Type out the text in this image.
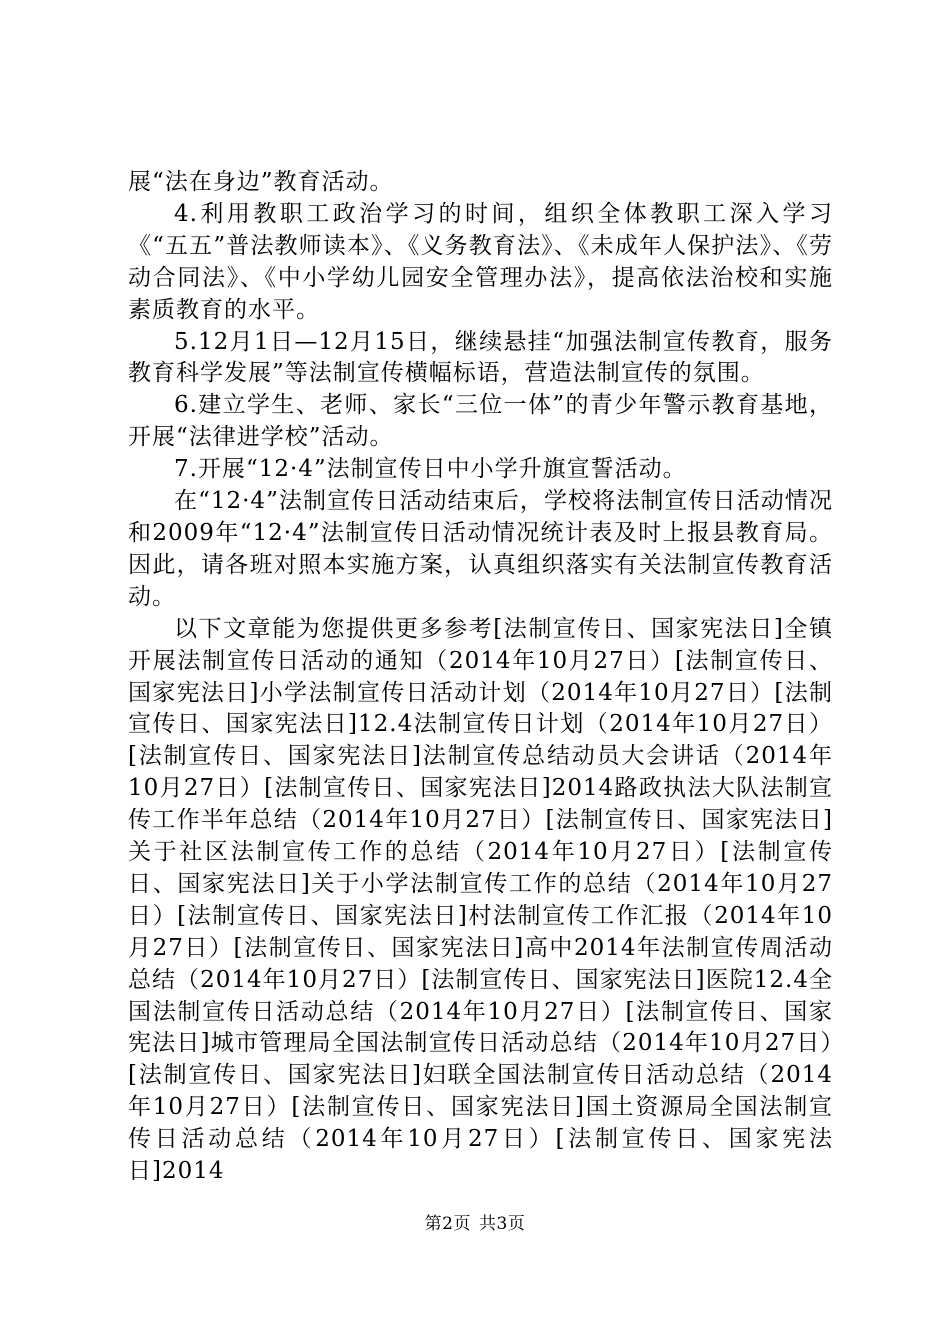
展“法在身边”教育活动。

4.利用教职工政治学习的时间，组织全体教职工深入学习《“五五”普法教师读本》、《义务教育法》、《未成年人保护法》、《劳动合同法》、《中小学幼儿园安全管理办法》，提高依法治校和实施素质教育的水平。

5.12月1日—12月15日，继续悬挂“加强法制宣传教育，服务教育科学发展”等法制宣传横幅标语，营造法制宣传的氛围。

6.建立学生、老师、家长“三位一体”的青少年警示教育基地，开展“法律进学校”活动。

7.开展“12·4”法制宣传日中小学升旗宣誓活动。

在“12·4”法制宣传日活动结束后，学校将法制宣传日活动情况和2009年“12·4”法制宣传日活动情况统计表及时上报县教育局。因此，请各班对照本实施方案，认真组织落实有关法制宣传教育活动。

以下文章能为您提供更多参考[法制宣传日、国家宪法日]全镇开展法制宣传日活动的通知（2014年10月27日）[法制宣传日、国家宪法日]小学法制宣传日活动计划（2014年10月27日）[法制宣传日、国家宪法日]12.4法制宣传日计划（2014年10月27日）[法制宣传日、国家宪法日]法制宣传总结动员大会讲话（2014年10月27日）[法制宣传日、国家宪法日]2014路政执法大队法制宣传工作半年总结（2014年10月27日）[法制宣传日、国家宪法日]关于社区法制宣传工作的总结（2014年10月27日）[法制宣传日、国家宪法日]关于小学法制宣传工作的总结（2014年10月27日）[法制宣传日、国家宪法日]村法制宣传工作汇报（2014年10月27日）[法制宣传日、国家宪法日]高中2014年法制宣传周活动总结（2014年10月27日）[法制宣传日、国家宪法日]医院12.4全国法制宣传日活动总结（2014年10月27日）[法制宣传日、国家宪法日]城市管理局全国法制宣传日活动总结（2014年10月27日）[法制宣传日、国家宪法日]妇联全国法制宣传日活动总结（2014年10月27日）[法制宣传日、国家宪法日]国土资源局全国法制宣传日活动总结（2014年10月27日）[法制宣传日、国家宪法日]2014

第2页 共3页
